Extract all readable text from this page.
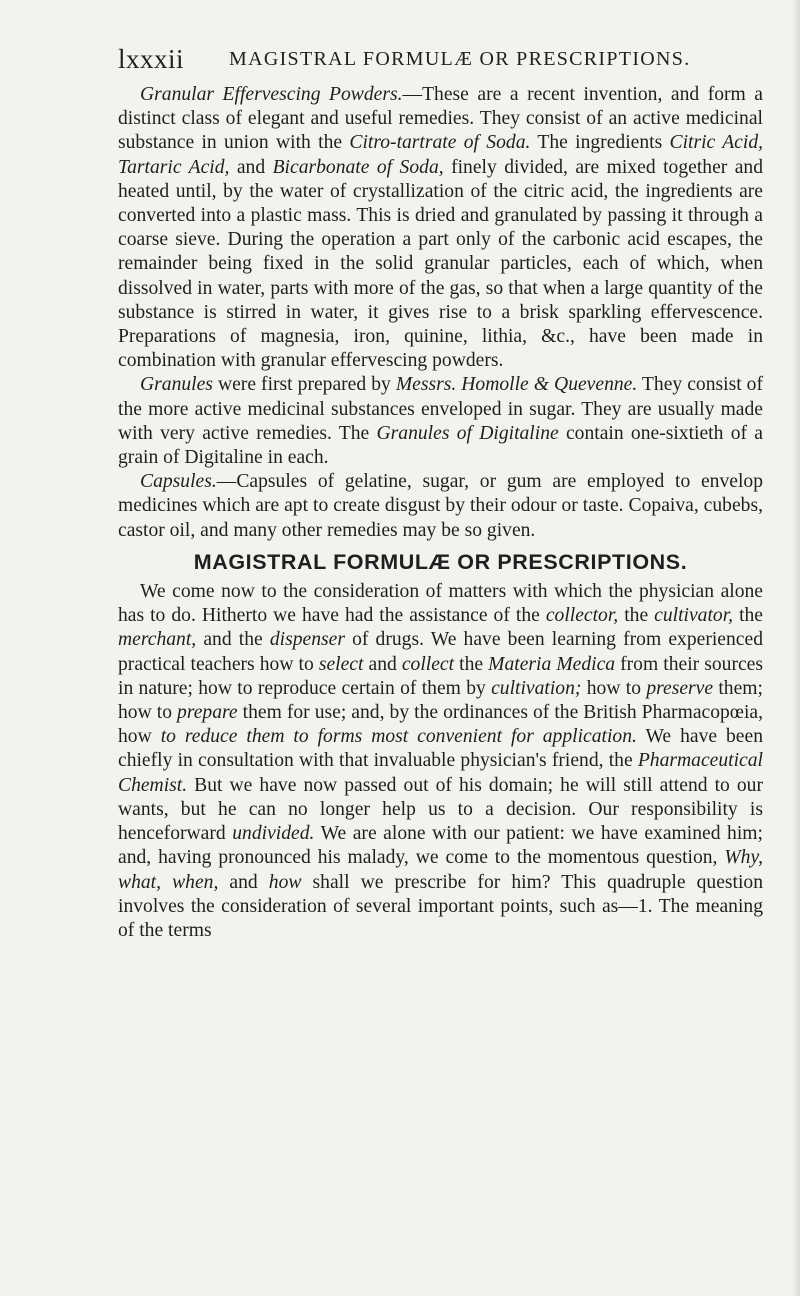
lxxxii MAGISTRAL FORMULÆ OR PRESCRIPTIONS.

Granular Effervescing Powders.—These are a recent invention, and form a distinct class of elegant and useful remedies. They consist of an active medicinal substance in union with the Citro-tartrate of Soda. The ingredients Citric Acid, Tartaric Acid, and Bicarbonate of Soda, finely divided, are mixed together and heated until, by the water of crystallization of the citric acid, the ingredients are converted into a plastic mass. This is dried and granulated by passing it through a coarse sieve. During the operation a part only of the carbonic acid escapes, the remainder being fixed in the solid granular particles, each of which, when dissolved in water, parts with more of the gas, so that when a large quantity of the substance is stirred in water, it gives rise to a brisk sparkling effervescence. Preparations of magnesia, iron, quinine, lithia, &c., have been made in combination with granular effervescing powders.

Granules were first prepared by Messrs. Homolle & Quevenne. They consist of the more active medicinal substances enveloped in sugar. They are usually made with very active remedies. The Granules of Digitaline contain one-sixtieth of a grain of Digitaline in each.

Capsules.—Capsules of gelatine, sugar, or gum are employed to envelop medicines which are apt to create disgust by their odour or taste. Copaiva, cubebs, castor oil, and many other remedies may be so given.

MAGISTRAL FORMULÆ OR PRESCRIPTIONS.

We come now to the consideration of matters with which the physician alone has to do. Hitherto we have had the assistance of the collector, the cultivator, the merchant, and the dispenser of drugs. We have been learning from experienced practical teachers how to select and collect the Materia Medica from their sources in nature; how to reproduce certain of them by cultivation; how to preserve them; how to prepare them for use; and, by the ordinances of the British Pharmacopœia, how to reduce them to forms most convenient for application. We have been chiefly in consultation with that invaluable physician's friend, the Pharmaceutical Chemist. But we have now passed out of his domain; he will still attend to our wants, but he can no longer help us to a decision. Our responsibility is henceforward undivided. We are alone with our patient: we have examined him; and, having pronounced his malady, we come to the momentous question, Why, what, when, and how shall we prescribe for him? This quadruple question involves the consideration of several important points, such as—1. The meaning of the terms
